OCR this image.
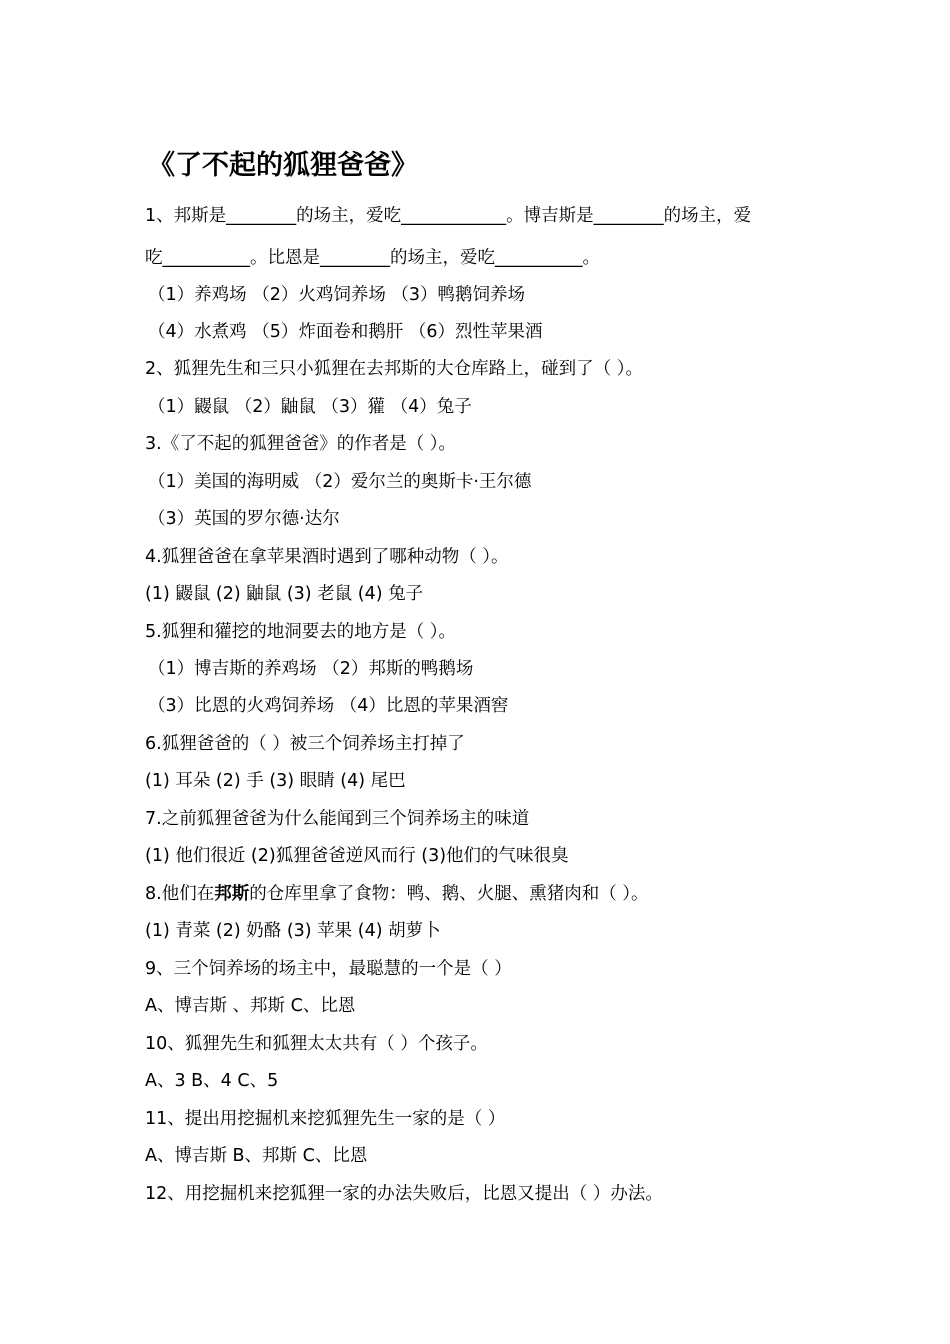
《了不起的狐狸爸爸》
1、邦斯是________的场主，爱吃____________。博吉斯是________的场主，爱
吃__________。比恩是________的场主，爱吃__________。
（1）养鸡场 （2）火鸡饲养场 （3）鸭鹅饲养场
（4）水煮鸡 （5）炸面卷和鹅肝 （6）烈性苹果酒
2、狐狸先生和三只小狐狸在去邦斯的大仓库路上，碰到了（ ）。
（1）鼹鼠 （2）鼬鼠 （3）獾 （4）兔子
3.《了不起的狐狸爸爸》的作者是（ ）。
（1）美国的海明威 （2）爱尔兰的奥斯卡·王尔德
（3）英国的罗尔德·达尔
4.狐狸爸爸在拿苹果酒时遇到了哪种动物（ ）。
(1) 鼹鼠 (2) 鼬鼠 (3) 老鼠 (4) 兔子
5.狐狸和獾挖的地洞要去的地方是（ ）。
（1）博吉斯的养鸡场 （2）邦斯的鸭鹅场
（3）比恩的火鸡饲养场 （4）比恩的苹果酒窖
6.狐狸爸爸的（ ）被三个饲养场主打掉了
(1) 耳朵 (2) 手 (3) 眼睛 (4) 尾巴
7.之前狐狸爸爸为什么能闻到三个饲养场主的味道
(1) 他们很近 (2)狐狸爸爸逆风而行 (3)他们的气味很臭
8.他们在邦斯的仓库里拿了食物：鸭、鹅、火腿、熏猪肉和（ ）。
(1) 青菜 (2) 奶酪 (3) 苹果 (4) 胡萝卜
9、三个饲养场的场主中，最聪慧的一个是（ ）
A、博吉斯 、邦斯 C、比恩
10、狐狸先生和狐狸太太共有（ ）个孩子。
A、3 B、4 C、5
11、提出用挖掘机来挖狐狸先生一家的是（ ）
A、博吉斯 B、邦斯 C、比恩
12、用挖掘机来挖狐狸一家的办法失败后，比恩又提出（ ）办法。
